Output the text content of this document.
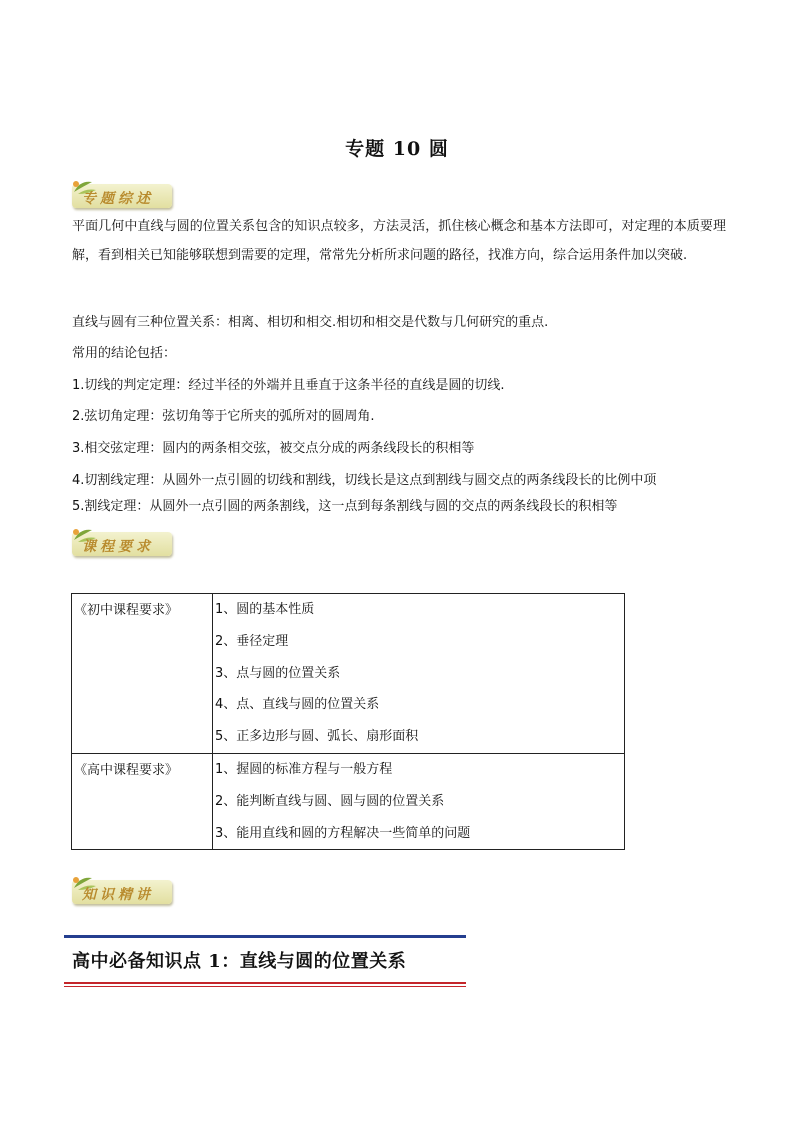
专题 10 圆
专题综述

平面几何中直线与圆的位置关系包含的知识点较多，方法灵活，抓住核心概念和基本方法即可，对定理的本质要理解，看到相关已知能够联想到需要的定理，常常先分析所求问题的路径，找准方向，综合运用条件加以突破.

直线与圆有三种位置关系：相离、相切和相交.相切和相交是代数与几何研究的重点.
常用的结论包括：
1.切线的判定定理：经过半径的外端并且垂直于这条半径的直线是圆的切线.
2.弦切角定理：弦切角等于它所夹的弧所对的圆周角.
3.相交弦定理：圆内的两条相交弦，被交点分成的两条线段长的积相等
4.切割线定理：从圆外一点引圆的切线和割线，切线长是这点到割线与圆交点的两条线段长的比例中项
5.割线定理：从圆外一点引圆的两条割线，这一点到每条割线与圆的交点的两条线段长的积相等
课程要求
《初中课程要求》	1、圆的基本性质
2、垂径定理
3、点与圆的位置关系
4、点、直线与圆的位置关系
5、正多边形与圆、弧长、扇形面积

《高中课程要求》	1、握圆的标准方程与一般方程
2、能判断直线与圆、圆与圆的位置关系
3、能用直线和圆的方程解决一些简单的问题
知识精讲
高中必备知识点 1：直线与圆的位置关系
